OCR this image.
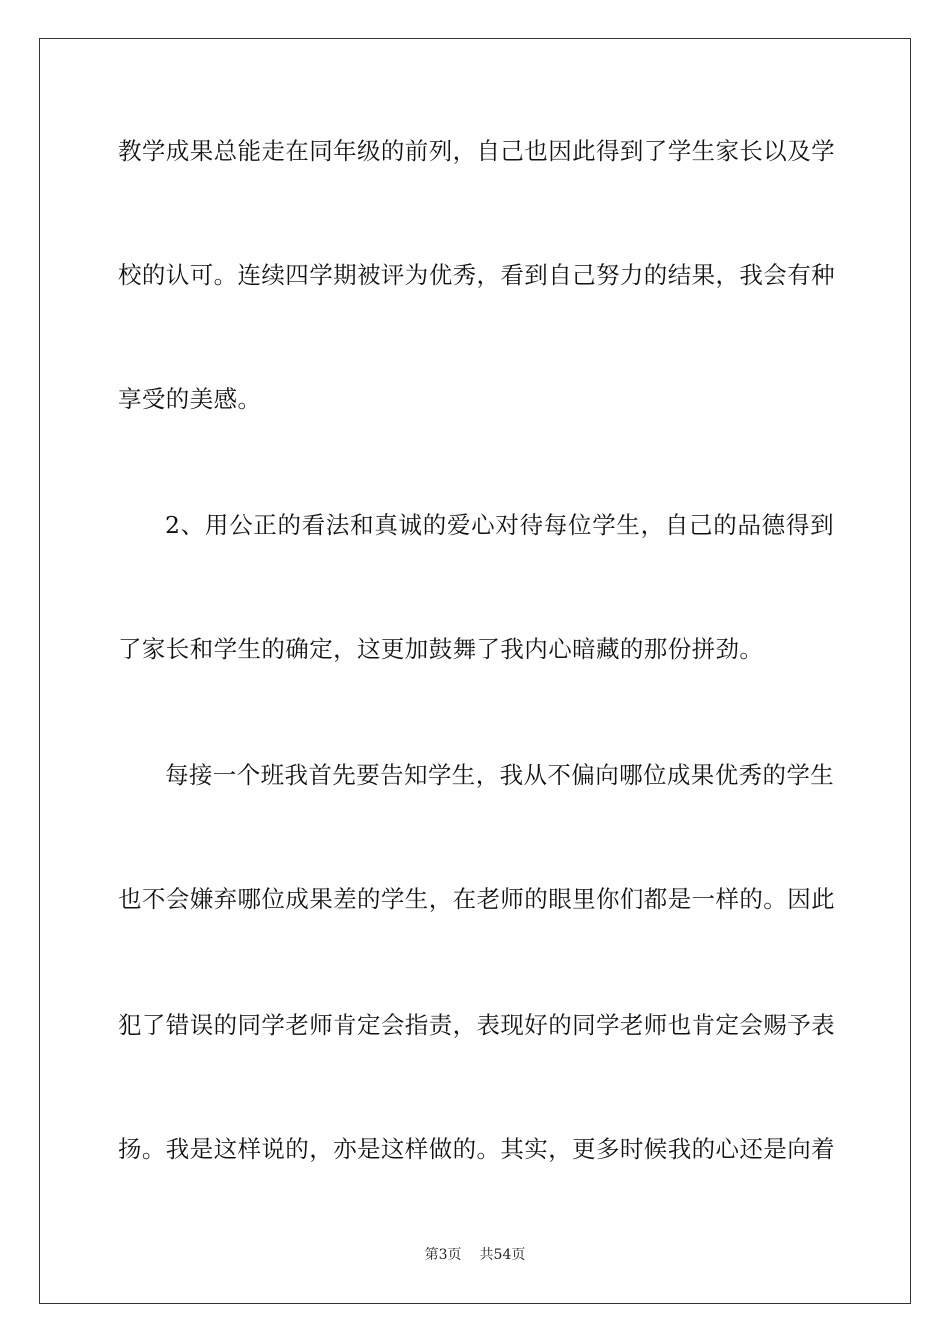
教学成果总能走在同年级的前列，自己也因此得到了学生家长以及学
校的认可。连续四学期被评为优秀，看到自己努力的结果，我会有种
享受的美感。
2、用公正的看法和真诚的爱心对待每位学生，自己的品德得到
了家长和学生的确定，这更加鼓舞了我内心暗藏的那份拼劲。
每接一个班我首先要告知学生，我从不偏向哪位成果优秀的学生
也不会嫌弃哪位成果差的学生，在老师的眼里你们都是一样的。因此
犯了错误的同学老师肯定会指责，表现好的同学老师也肯定会赐予表
扬。我是这样说的，亦是这样做的。其实，更多时候我的心还是向着
第3页 共54页
